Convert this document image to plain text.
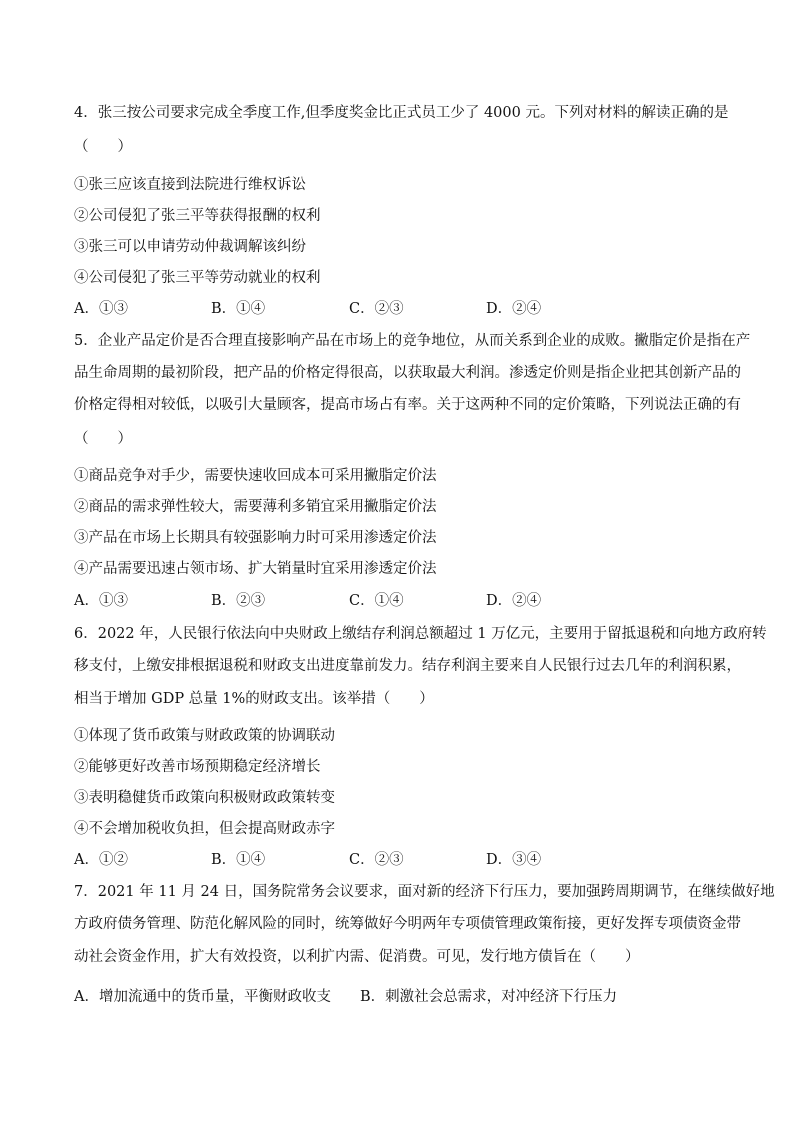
4．张三按公司要求完成全季度工作,但季度奖金比正式员工少了 4000 元。下列对材料的解读正确的是
（　　）
①张三应该直接到法院进行维权诉讼
②公司侵犯了张三平等获得报酬的权利
③张三可以申请劳动仲裁调解该纠纷
④公司侵犯了张三平等劳动就业的权利
A．①③	B．①④	C．②③	D．②④
5．企业产品定价是否合理直接影响产品在市场上的竞争地位，从而关系到企业的成败。撇脂定价是指在产
品生命周期的最初阶段，把产品的价格定得很高，以获取最大利润。渗透定价则是指企业把其创新产品的
价格定得相对较低，以吸引大量顾客，提高市场占有率。关于这两种不同的定价策略，下列说法正确的有
（　　）
①商品竞争对手少，需要快速收回成本可采用撇脂定价法
②商品的需求弹性较大，需要薄利多销宜采用撇脂定价法
③产品在市场上长期具有较强影响力时可采用渗透定价法
④产品需要迅速占领市场、扩大销量时宜采用渗透定价法
A．①③	B．②③	C．①④	D．②④
6．2022 年，人民银行依法向中央财政上缴结存利润总额超过 1 万亿元，主要用于留抵退税和向地方政府转
移支付，上缴安排根据退税和财政支出进度靠前发力。结存利润主要来自人民银行过去几年的利润积累，
相当于增加 GDP 总量 1%的财政支出。该举措（　　）
①体现了货币政策与财政政策的协调联动
②能够更好改善市场预期稳定经济增长
③表明稳健货币政策向积极财政政策转变
④不会增加税收负担，但会提高财政赤字
A．①②	B．①④	C．②③	D．③④
7．2021 年 11 月 24 日，国务院常务会议要求，面对新的经济下行压力，要加强跨周期调节，在继续做好地
方政府债务管理、防范化解风险的同时，统筹做好今明两年专项债管理政策衔接，更好发挥专项债资金带
动社会资金作用，扩大有效投资，以利扩内需、促消费。可见，发行地方债旨在（　　）
A．增加流通中的货币量，平衡财政收支　　B．刺激社会总需求，对冲经济下行压力
